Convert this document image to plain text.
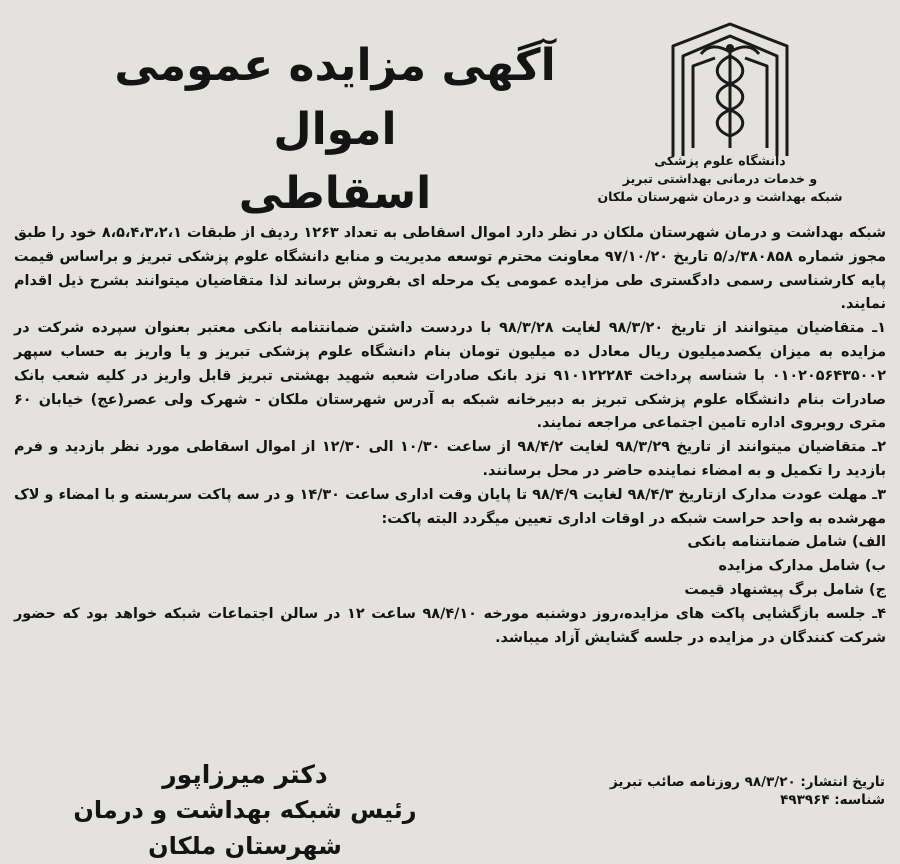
دانشگاه علوم پزشکی
و خدمات درمانی بهداشتی تبریز
شبکه بهداشت و درمان شهرستان ملکان
آگهی مزایده عمومی اموال
اسقاطی

شبکه بهداشت و درمان شهرستان ملکان در نظر دارد اموال اسقاطی به تعداد ۱۲۶۳ ردیف از طبقات ۸،۵،۴،۳،۲،۱ خود را طبق مجوز شماره ۳۸۰۸۵۸/د/۵ تاریخ ۹۷/۱۰/۲۰ معاونت محترم توسعه مدیریت و منابع دانشگاه علوم پزشکی تبریز و براساس قیمت پایه کارشناسی رسمی دادگستری طی مزایده عمومی یک مرحله ای بفروش برساند لذا متقاضیان میتوانند بشرح ذیل اقدام نمایند.

۱ـ متقاضیان میتوانند از تاریخ ۹۸/۳/۲۰ لغایت ۹۸/۳/۲۸ با دردست داشتن ضمانتنامه بانکی معتبر بعنوان سپرده شرکت در مزایده به میزان یکصدمیلیون ریال معادل ده میلیون تومان بنام دانشگاه علوم پزشکی تبریز و یا واریز به حساب سپهر ۰۱۰۲۰۵۶۴۳۵۰۰۲ با شناسه پرداخت ۹۱۰۱۲۲۲۸۴ نزد بانک صادرات شعبه شهید بهشتی تبریز قابل واریز در کلیه شعب بانک صادرات بنام دانشگاه علوم پزشکی تبریز به دبیرخانه شبکه به آدرس شهرستان ملکان - شهرک ولی عصر(عج) خیابان ۶۰ متری روبروی اداره تامین اجتماعی مراجعه نمایند.

۲ـ متقاضیان میتوانند از تاریخ ۹۸/۳/۲۹ لغایت ۹۸/۴/۲ از ساعت ۱۰/۳۰ الی ۱۲/۳۰ از اموال اسقاطی مورد نظر بازدید و فرم بازدید را تکمیل و به امضاء نماینده حاضر در محل برسانند.

۳ـ مهلت عودت مدارک ازتاریخ ۹۸/۴/۳ لغایت ۹۸/۴/۹ تا پایان وقت اداری ساعت ۱۴/۳۰ و در سه پاکت سربسته و با امضاء و لاک مهرشده به واحد حراست شبکه در اوقات اداری تعیین میگردد البته پاکت:

الف) شامل ضمانتنامه بانکی

ب) شامل مدارک مزایده

ج) شامل برگ پیشنهاد قیمت

۴ـ جلسه بازگشایی پاکت های مزایده،روز دوشنبه مورخه ۹۸/۴/۱۰ ساعت ۱۲ در سالن اجتماعات شبکه خواهد بود که حضور شرکت کنندگان در مزایده در جلسه گشایش آزاد میباشد.

تاریخ انتشار: ۹۸/۳/۲۰ روزنامه صائب تبریز
شناسه: ۴۹۳۹۶۴
دکتر میرزاپور
رئیس شبکه بهداشت و درمان شهرستان ملکان
